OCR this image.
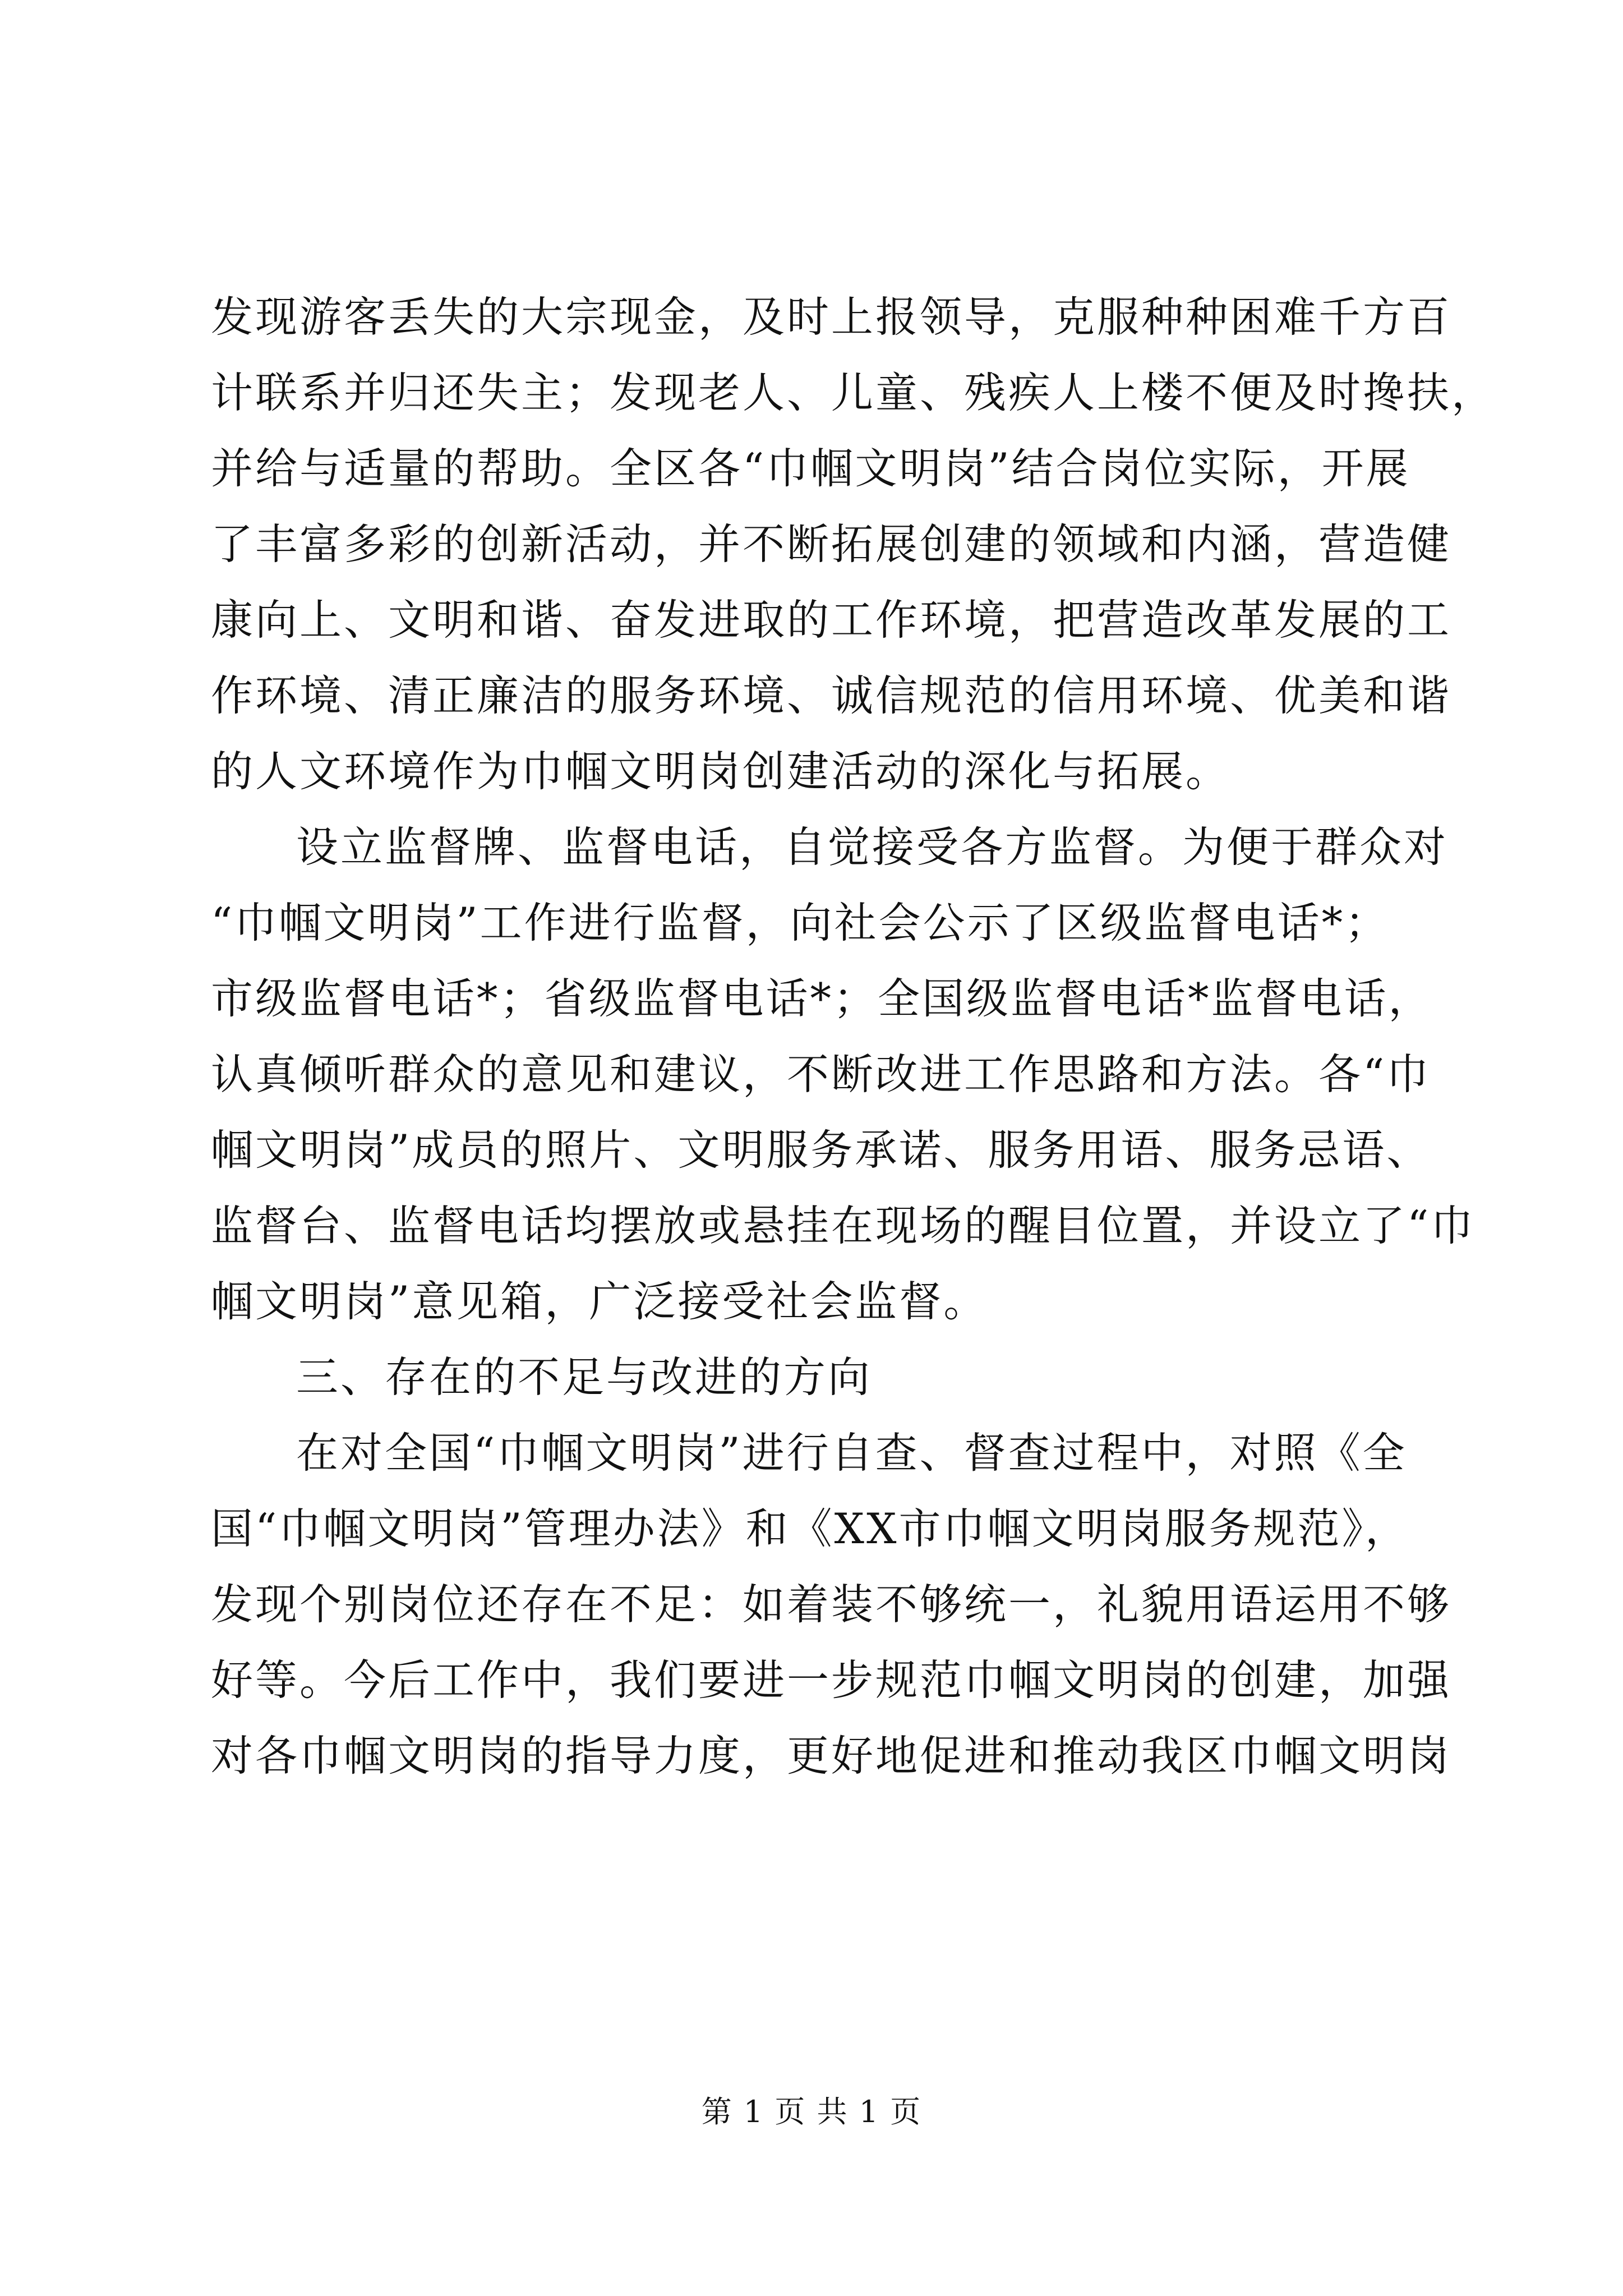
发现游客丢失的大宗现金，及时上报领导，克服种种困难千方百
计联系并归还失主；发现老人、儿童、残疾人上楼不便及时搀扶，
并给与适量的帮助。全区各“巾帼文明岗”结合岗位实际，开展
了丰富多彩的创新活动，并不断拓展创建的领域和内涵，营造健
康向上、文明和谐、奋发进取的工作环境，把营造改革发展的工
作环境、清正廉洁的服务环境、诚信规范的信用环境、优美和谐
的人文环境作为巾帼文明岗创建活动的深化与拓展。
设立监督牌、监督电话，自觉接受各方监督。为便于群众对
“巾帼文明岗”工作进行监督，向社会公示了区级监督电话*；
市级监督电话*；省级监督电话*；全国级监督电话*监督电话，
认真倾听群众的意见和建议，不断改进工作思路和方法。各“巾
帼文明岗”成员的照片、文明服务承诺、服务用语、服务忌语、
监督台、监督电话均摆放或悬挂在现场的醒目位置，并设立了“巾
帼文明岗”意见箱，广泛接受社会监督。
三、存在的不足与改进的方向
在对全国“巾帼文明岗”进行自查、督查过程中，对照《全
国“巾帼文明岗”管理办法》和《XX市巾帼文明岗服务规范》，
发现个别岗位还存在不足：如着装不够统一，礼貌用语运用不够
好等。今后工作中，我们要进一步规范巾帼文明岗的创建，加强
对各巾帼文明岗的指导力度，更好地促进和推动我区巾帼文明岗
第 1 页 共 1 页
